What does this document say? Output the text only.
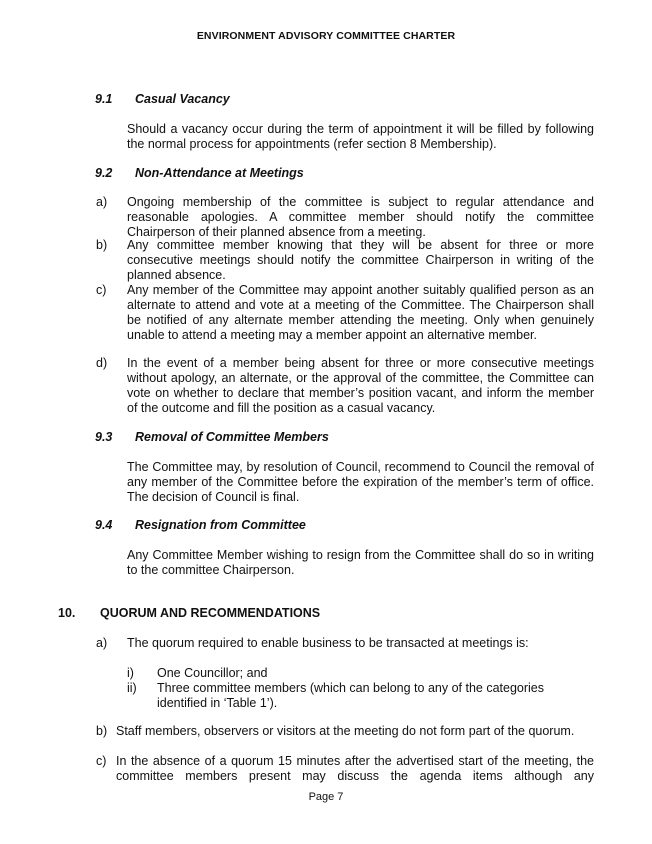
ENVIRONMENT ADVISORY COMMITTEE CHARTER
9.1 Casual Vacancy
Should a vacancy occur during the term of appointment it will be filled by following the normal process for appointments (refer section 8 Membership).
9.2 Non-Attendance at Meetings
a) Ongoing membership of the committee is subject to regular attendance and reasonable apologies. A committee member should notify the committee Chairperson of their planned absence from a meeting.
b) Any committee member knowing that they will be absent for three or more consecutive meetings should notify the committee Chairperson in writing of the planned absence.
c) Any member of the Committee may appoint another suitably qualified person as an alternate to attend and vote at a meeting of the Committee. The Chairperson shall be notified of any alternate member attending the meeting. Only when genuinely unable to attend a meeting may a member appoint an alternative member.
d) In the event of a member being absent for three or more consecutive meetings without apology, an alternate, or the approval of the committee, the Committee can vote on whether to declare that member’s position vacant, and inform the member of the outcome and fill the position as a casual vacancy.
9.3 Removal of Committee Members
The Committee may, by resolution of Council, recommend to Council the removal of any member of the Committee before the expiration of the member’s term of office. The decision of Council is final.
9.4 Resignation from Committee
Any Committee Member wishing to resign from the Committee shall do so in writing to the committee Chairperson.
10. QUORUM AND RECOMMENDATIONS
a) The quorum required to enable business to be transacted at meetings is:
i) One Councillor; and
ii) Three committee members (which can belong to any of the categories identified in ‘Table 1’).
b) Staff members, observers or visitors at the meeting do not form part of the quorum.
c) In the absence of a quorum 15 minutes after the advertised start of the meeting, the committee members present may discuss the agenda items although any
Page 7
